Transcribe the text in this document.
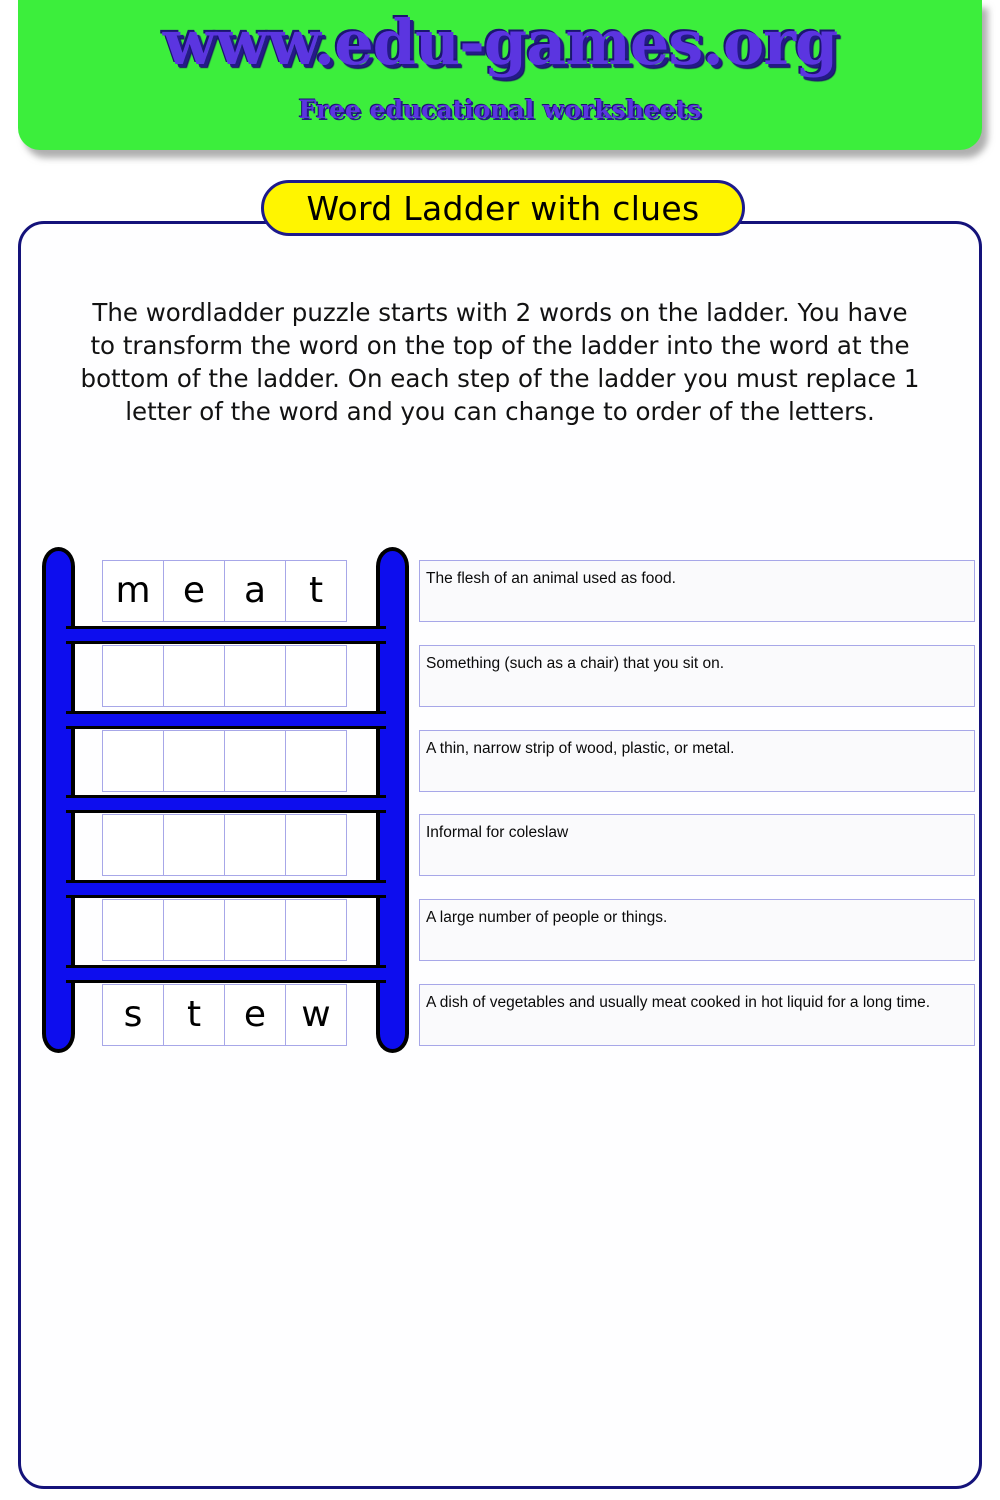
www.edu-games.org
Free educational worksheets
Word Ladder with clues
The wordladder puzzle starts with 2 words on the ladder. You have to transform the word on the top of the ladder into the word at the bottom of the ladder. On each step of the ladder you must replace 1 letter of the word and you can change to order of the letters.
m e	a	t
s	t	e w
The flesh of an animal used as food.
Something (such as a chair) that you sit on.
A thin, narrow strip of wood, plastic, or metal.
Informal for coleslaw
A large number of people or things.
A dish of vegetables and usually meat cooked in hot liquid for a long time.
